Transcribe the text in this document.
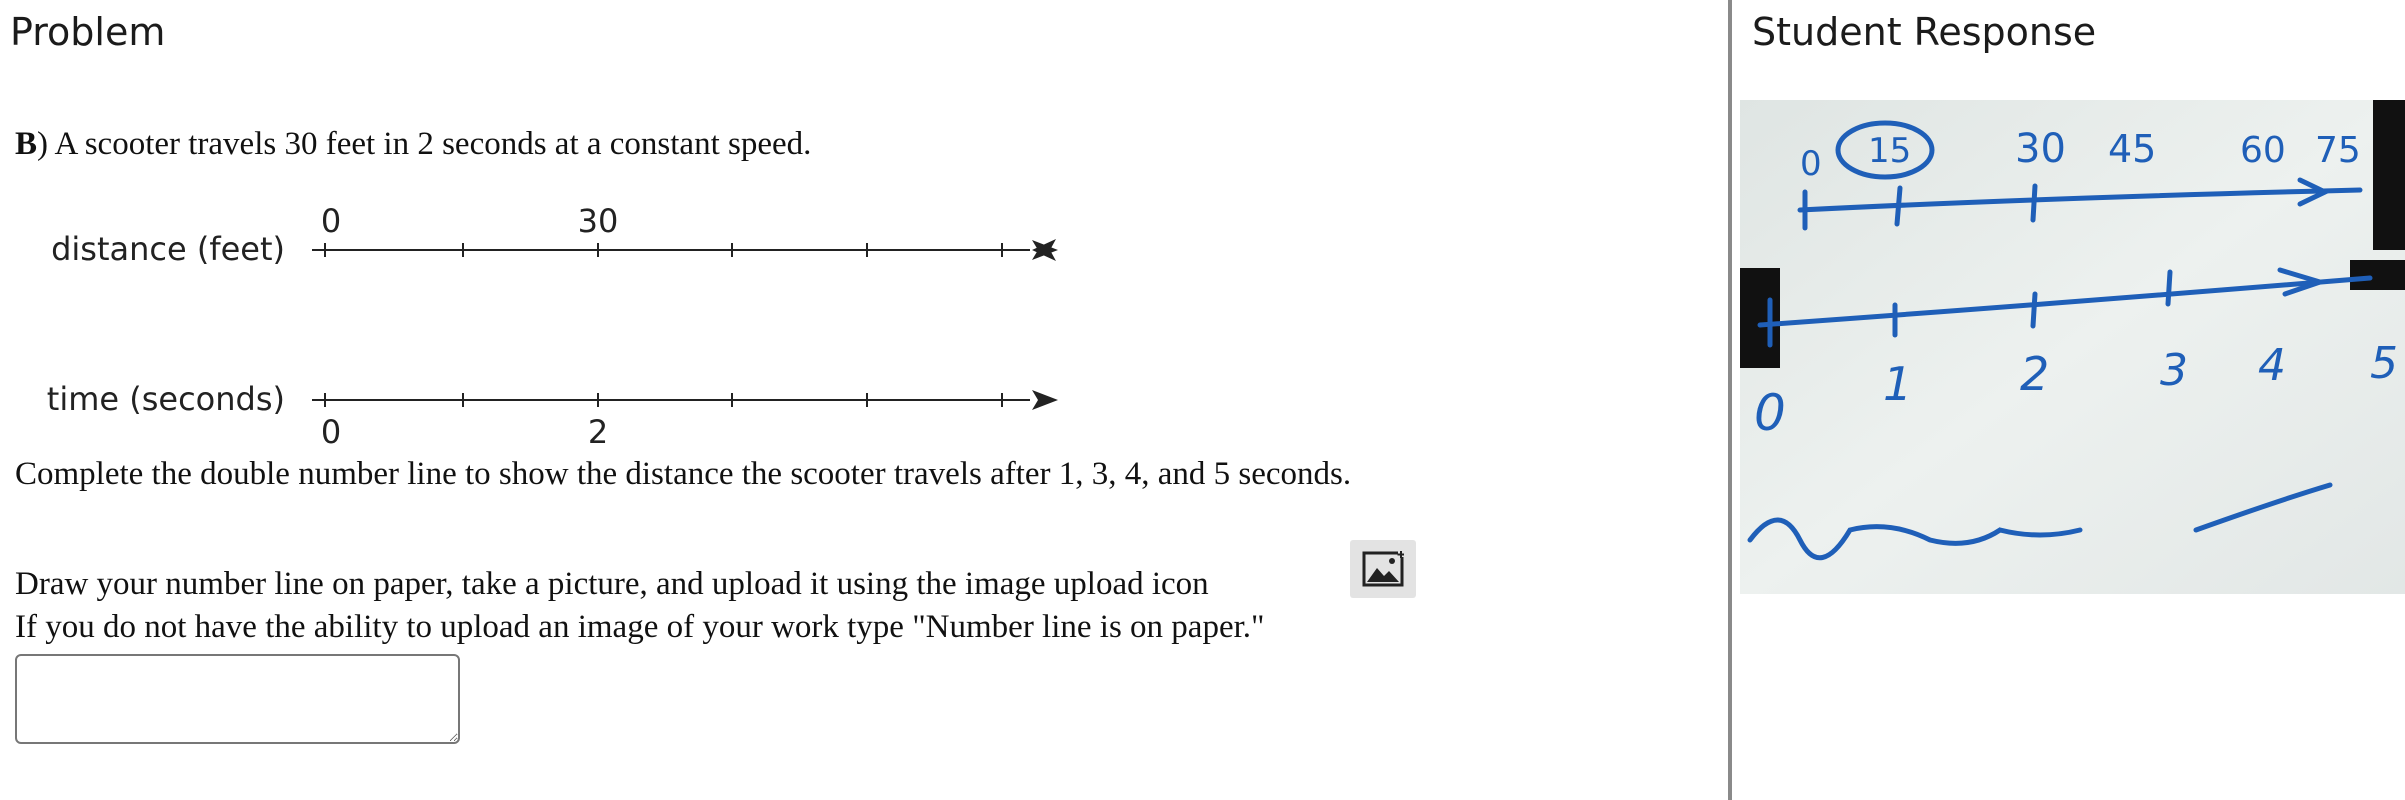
Problem
B) A scooter travels 30 feet in 2 seconds at a constant speed.
distance (feet)
time (seconds)
0	30
0	2
Complete the double number line to show the distance the scooter travels after 1, 3, 4, and 5 seconds.
Draw your number line on paper, take a picture, and upload it using the image upload icon
If you do not have the ability to upload an image of your work type "Number line is on paper."
Student Response
0 15	30 45 60 75
0 1 2	3 4 5
